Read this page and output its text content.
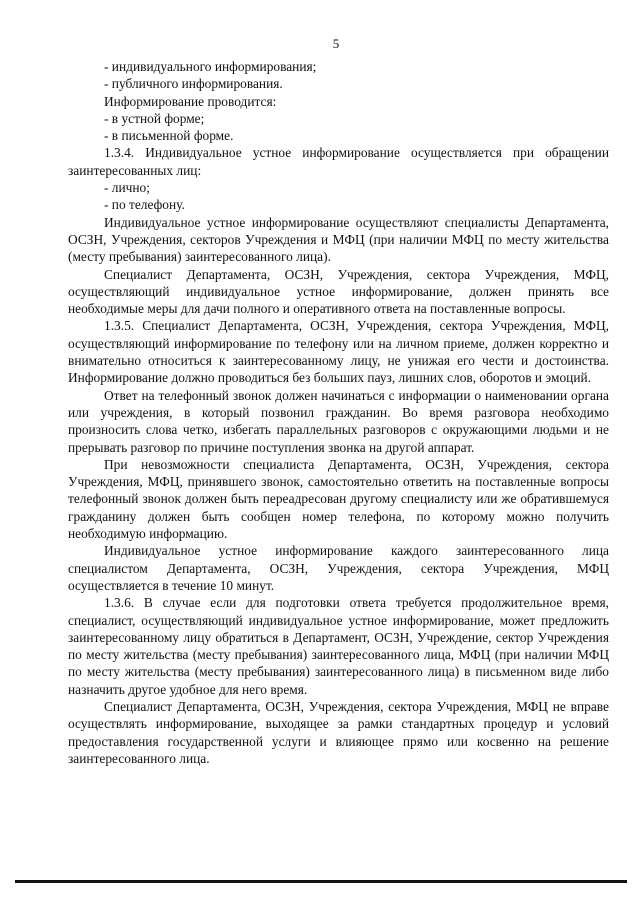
5

- индивидуального информирования;

- публичного информирования.

Информирование проводится:

- в устной форме;

- в письменной форме.

1.3.4. Индивидуальное устное информирование осуществляется при обращении заинтересованных лиц:

- лично;

- по телефону.

Индивидуальное устное информирование осуществляют специалисты Департамента, ОСЗН, Учреждения, секторов Учреждения и МФЦ (при наличии МФЦ по месту жительства (месту пребывания) заинтересованного лица).

Специалист Департамента, ОСЗН, Учреждения, сектора Учреждения, МФЦ, осуществляющий индивидуальное устное информирование, должен принять все необходимые меры для дачи полного и оперативного ответа на поставленные вопросы.

1.3.5. Специалист Департамента, ОСЗН, Учреждения, сектора Учреждения, МФЦ, осуществляющий информирование по телефону или на личном приеме, должен корректно и внимательно относиться к заинтересованному лицу, не унижая его чести и достоинства. Информирование должно проводиться без больших пауз, лишних слов, оборотов и эмоций.

Ответ на телефонный звонок должен начинаться с информации о наименовании органа или учреждения, в который позвонил гражданин. Во время разговора необходимо произносить слова четко, избегать параллельных разговоров с окружающими людьми и не прерывать разговор по причине поступления звонка на другой аппарат.

При невозможности специалиста Департамента, ОСЗН, Учреждения, сектора Учреждения, МФЦ, принявшего звонок, самостоятельно ответить на поставленные вопросы телефонный звонок должен быть переадресован другому специалисту или же обратившемуся гражданину должен быть сообщен номер телефона, по которому можно получить необходимую информацию.

Индивидуальное устное информирование каждого заинтересованного лица специалистом Департамента, ОСЗН, Учреждения, сектора Учреждения, МФЦ осуществляется в течение 10 минут.

1.3.6. В случае если для подготовки ответа требуется продолжительное время, специалист, осуществляющий индивидуальное устное информирование, может предложить заинтересованному лицу обратиться в Департамент, ОСЗН, Учреждение, сектор Учреждения по месту жительства (месту пребывания) заинтересованного лица, МФЦ (при наличии МФЦ по месту жительства (месту пребывания) заинтересованного лица) в письменном виде либо назначить другое удобное для него время.

Специалист Департамента, ОСЗН, Учреждения, сектора Учреждения, МФЦ не вправе осуществлять информирование, выходящее за рамки стандартных процедур и условий предоставления государственной услуги и влияющее прямо или косвенно на решение заинтересованного лица.
